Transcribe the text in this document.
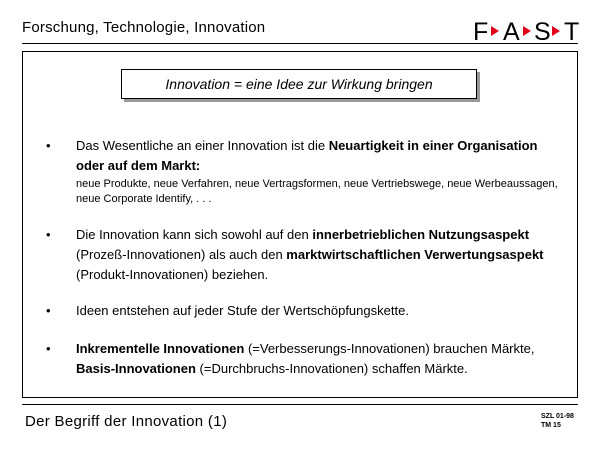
Forschung, Technologie, Innovation	F A S T
Innovation = eine Idee zur Wirkung bringen
• Das Wesentliche an einer Innovation ist die Neuartigkeit in einer Organisation oder auf dem Markt:
neue Produkte, neue Verfahren, neue Vertragsformen, neue Vertriebswege, neue Werbeaussagen, neue Corporate Identify, . . .
• Die Innovation kann sich sowohl auf den innerbetrieblichen Nutzungsaspekt (Prozeß-Innovationen) als auch den marktwirtschaftlichen Verwertungsaspekt (Produkt-Innovationen) beziehen.
• Ideen entstehen auf jeder Stufe der Wertschöpfungskette.
• Inkrementelle Innovationen (=Verbesserungs-Innovationen) brauchen Märkte, Basis-Innovationen (=Durchbruchs-Innovationen) schaffen Märkte.
Der Begriff der Innovation (1)	SZL 01-98
TM 15
